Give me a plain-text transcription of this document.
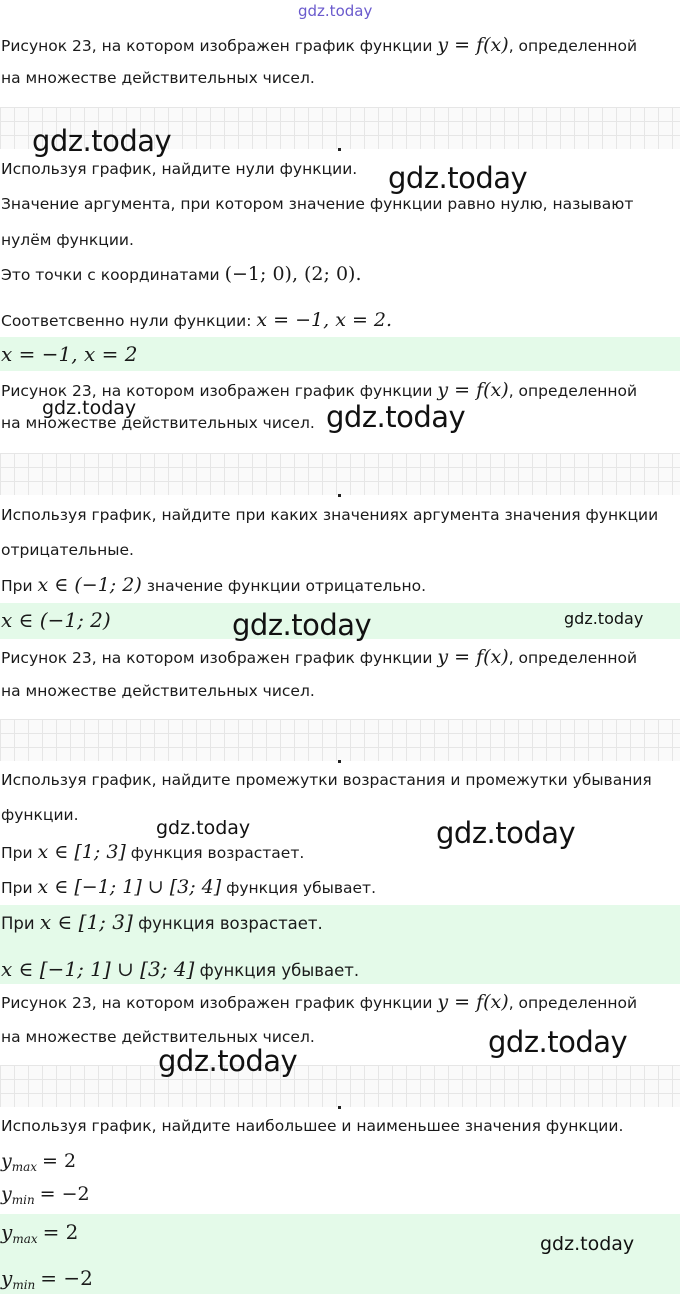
gdz.today
Рисунок 23, на котором изображен график функции y = f(x), определенной
на множестве действительных чисел.
gdz.today
Используя график, найдите нули функции. gdz.today
Значение аргумента, при котором значение функции равно нулю, называют
нулём функции.
Это точки с координатами (−1; 0), (2; 0).
Соответсвенно нули функции: x = −1, x = 2.
x = −1, x = 2
Рисунок 23, на котором изображен график функции y = f(x), определенной
gdz.today
на множестве действительных чисел. gdz.today
Используя график, найдите при каких значениях аргумента значения функции
отрицательные.
При x ∈ (−1; 2) значение функции отрицательно.
x ∈ (−1; 2)	gdz.today	gdz.today
Рисунок 23, на котором изображен график функции y = f(x), определенной
на множестве действительных чисел.
Используя график, найдите промежутки возрастания и промежутки убывания
функции.
gdz.today	gdz.today
При x ∈ [1; 3] функция возрастает.
При x ∈ [−1; 1] ∪ [3; 4] функция убывает.
При x ∈ [1; 3] функция возрастает.
x ∈ [−1; 1] ∪ [3; 4] функция убывает.
Рисунок 23, на котором изображен график функции y = f(x), определенной
на множестве действительных чисел.	gdz.today
gdz.today
Используя график, найдите наибольшее и наименьшее значения функции.
$y_{max} = 2$
$y_{min} = -2$
$y_{max} = 2$
$y_{min} = -2$
gdz.today
